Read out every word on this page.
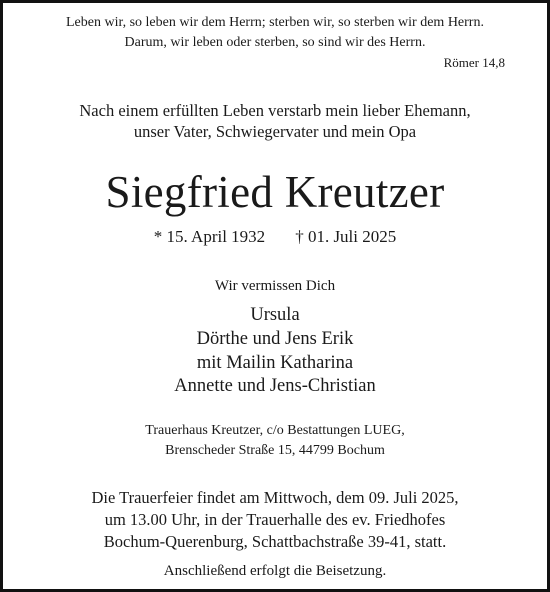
Leben wir, so leben wir dem Herrn; sterben wir, so sterben wir dem Herrn.
Darum, wir leben oder sterben, so sind wir des Herrn.
Römer 14,8
Nach einem erfüllten Leben verstarb mein lieber Ehemann,
unser Vater, Schwiegervater und mein Opa
Siegfried Kreutzer
* 15. April 1932 † 01. Juli 2025
Wir vermissen Dich
Ursula
Dörthe und Jens Erik
mit Mailin Katharina
Annette und Jens-Christian
Trauerhaus Kreutzer, c/o Bestattungen LUEG,
Brenscheder Straße 15, 44799 Bochum
Die Trauerfeier findet am Mittwoch, dem 09. Juli 2025,
um 13.00 Uhr, in der Trauerhalle des ev. Friedhofes
Bochum-Querenburg, Schattbachstraße 39-41, statt.
Anschließend erfolgt die Beisetzung.
